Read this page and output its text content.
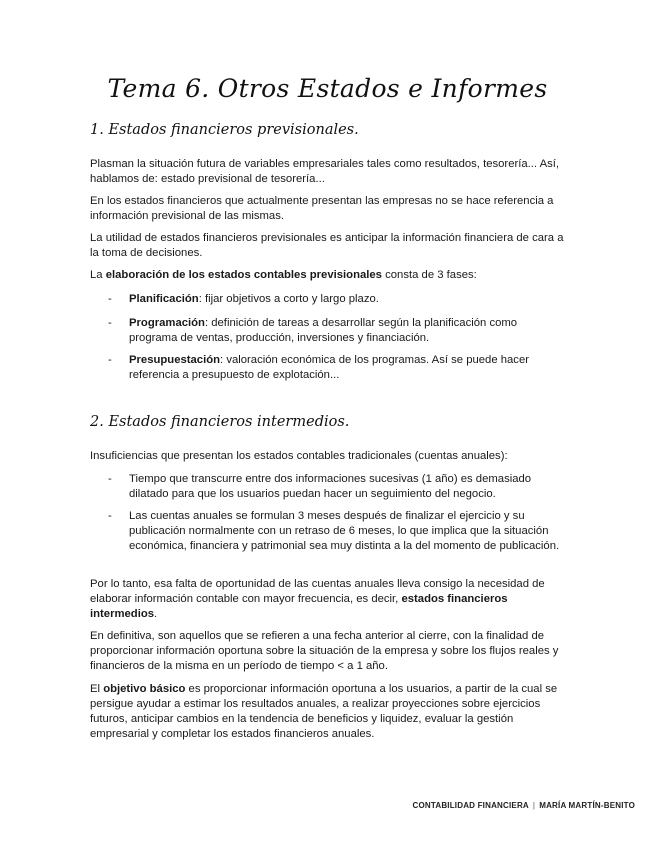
Tema 6. Otros Estados e Informes
1. Estados financieros previsionales.

Plasman la situación futura de variables empresariales tales como resultados, tesorería... Así, hablamos de: estado previsional de tesorería...

En los estados financieros que actualmente presentan las empresas no se hace referencia a información previsional de las mismas.

La utilidad de estados financieros previsionales es anticipar la información financiera de cara a la toma de decisiones.

La elaboración de los estados contables previsionales consta de 3 fases:

-	Planificación: fijar objetivos a corto y largo plazo.
-	Programación: definición de tareas a desarrollar según la planificación como programa de ventas, producción, inversiones y financiación.
-	Presupuestación: valoración económica de los programas. Así se puede hacer referencia a presupuesto de explotación...
2. Estados financieros intermedios.

Insuficiencias que presentan los estados contables tradicionales (cuentas anuales):

-	Tiempo que transcurre entre dos informaciones sucesivas (1 año) es demasiado dilatado para que los usuarios puedan hacer un seguimiento del negocio.
-	Las cuentas anuales se formulan 3 meses después de finalizar el ejercicio y su publicación normalmente con un retraso de 6 meses, lo que implica que la situación económica, financiera y patrimonial sea muy distinta a la del momento de publicación.

Por lo tanto, esa falta de oportunidad de las cuentas anuales lleva consigo la necesidad de elaborar información contable con mayor frecuencia, es decir, estados financieros intermedios.

En definitiva, son aquellos que se refieren a una fecha anterior al cierre, con la finalidad de proporcionar información oportuna sobre la situación de la empresa y sobre los flujos reales y financieros de la misma en un período de tiempo < a 1 año.

El objetivo básico es proporcionar información oportuna a los usuarios, a partir de la cual se persigue ayudar a estimar los resultados anuales, a realizar proyecciones sobre ejercicios futuros, anticipar cambios en la tendencia de beneficios y liquidez, evaluar la gestión empresarial y completar los estados financieros anuales.

CONTABILIDAD FINANCIERA | MARÍA MARTÍN-BENITO
